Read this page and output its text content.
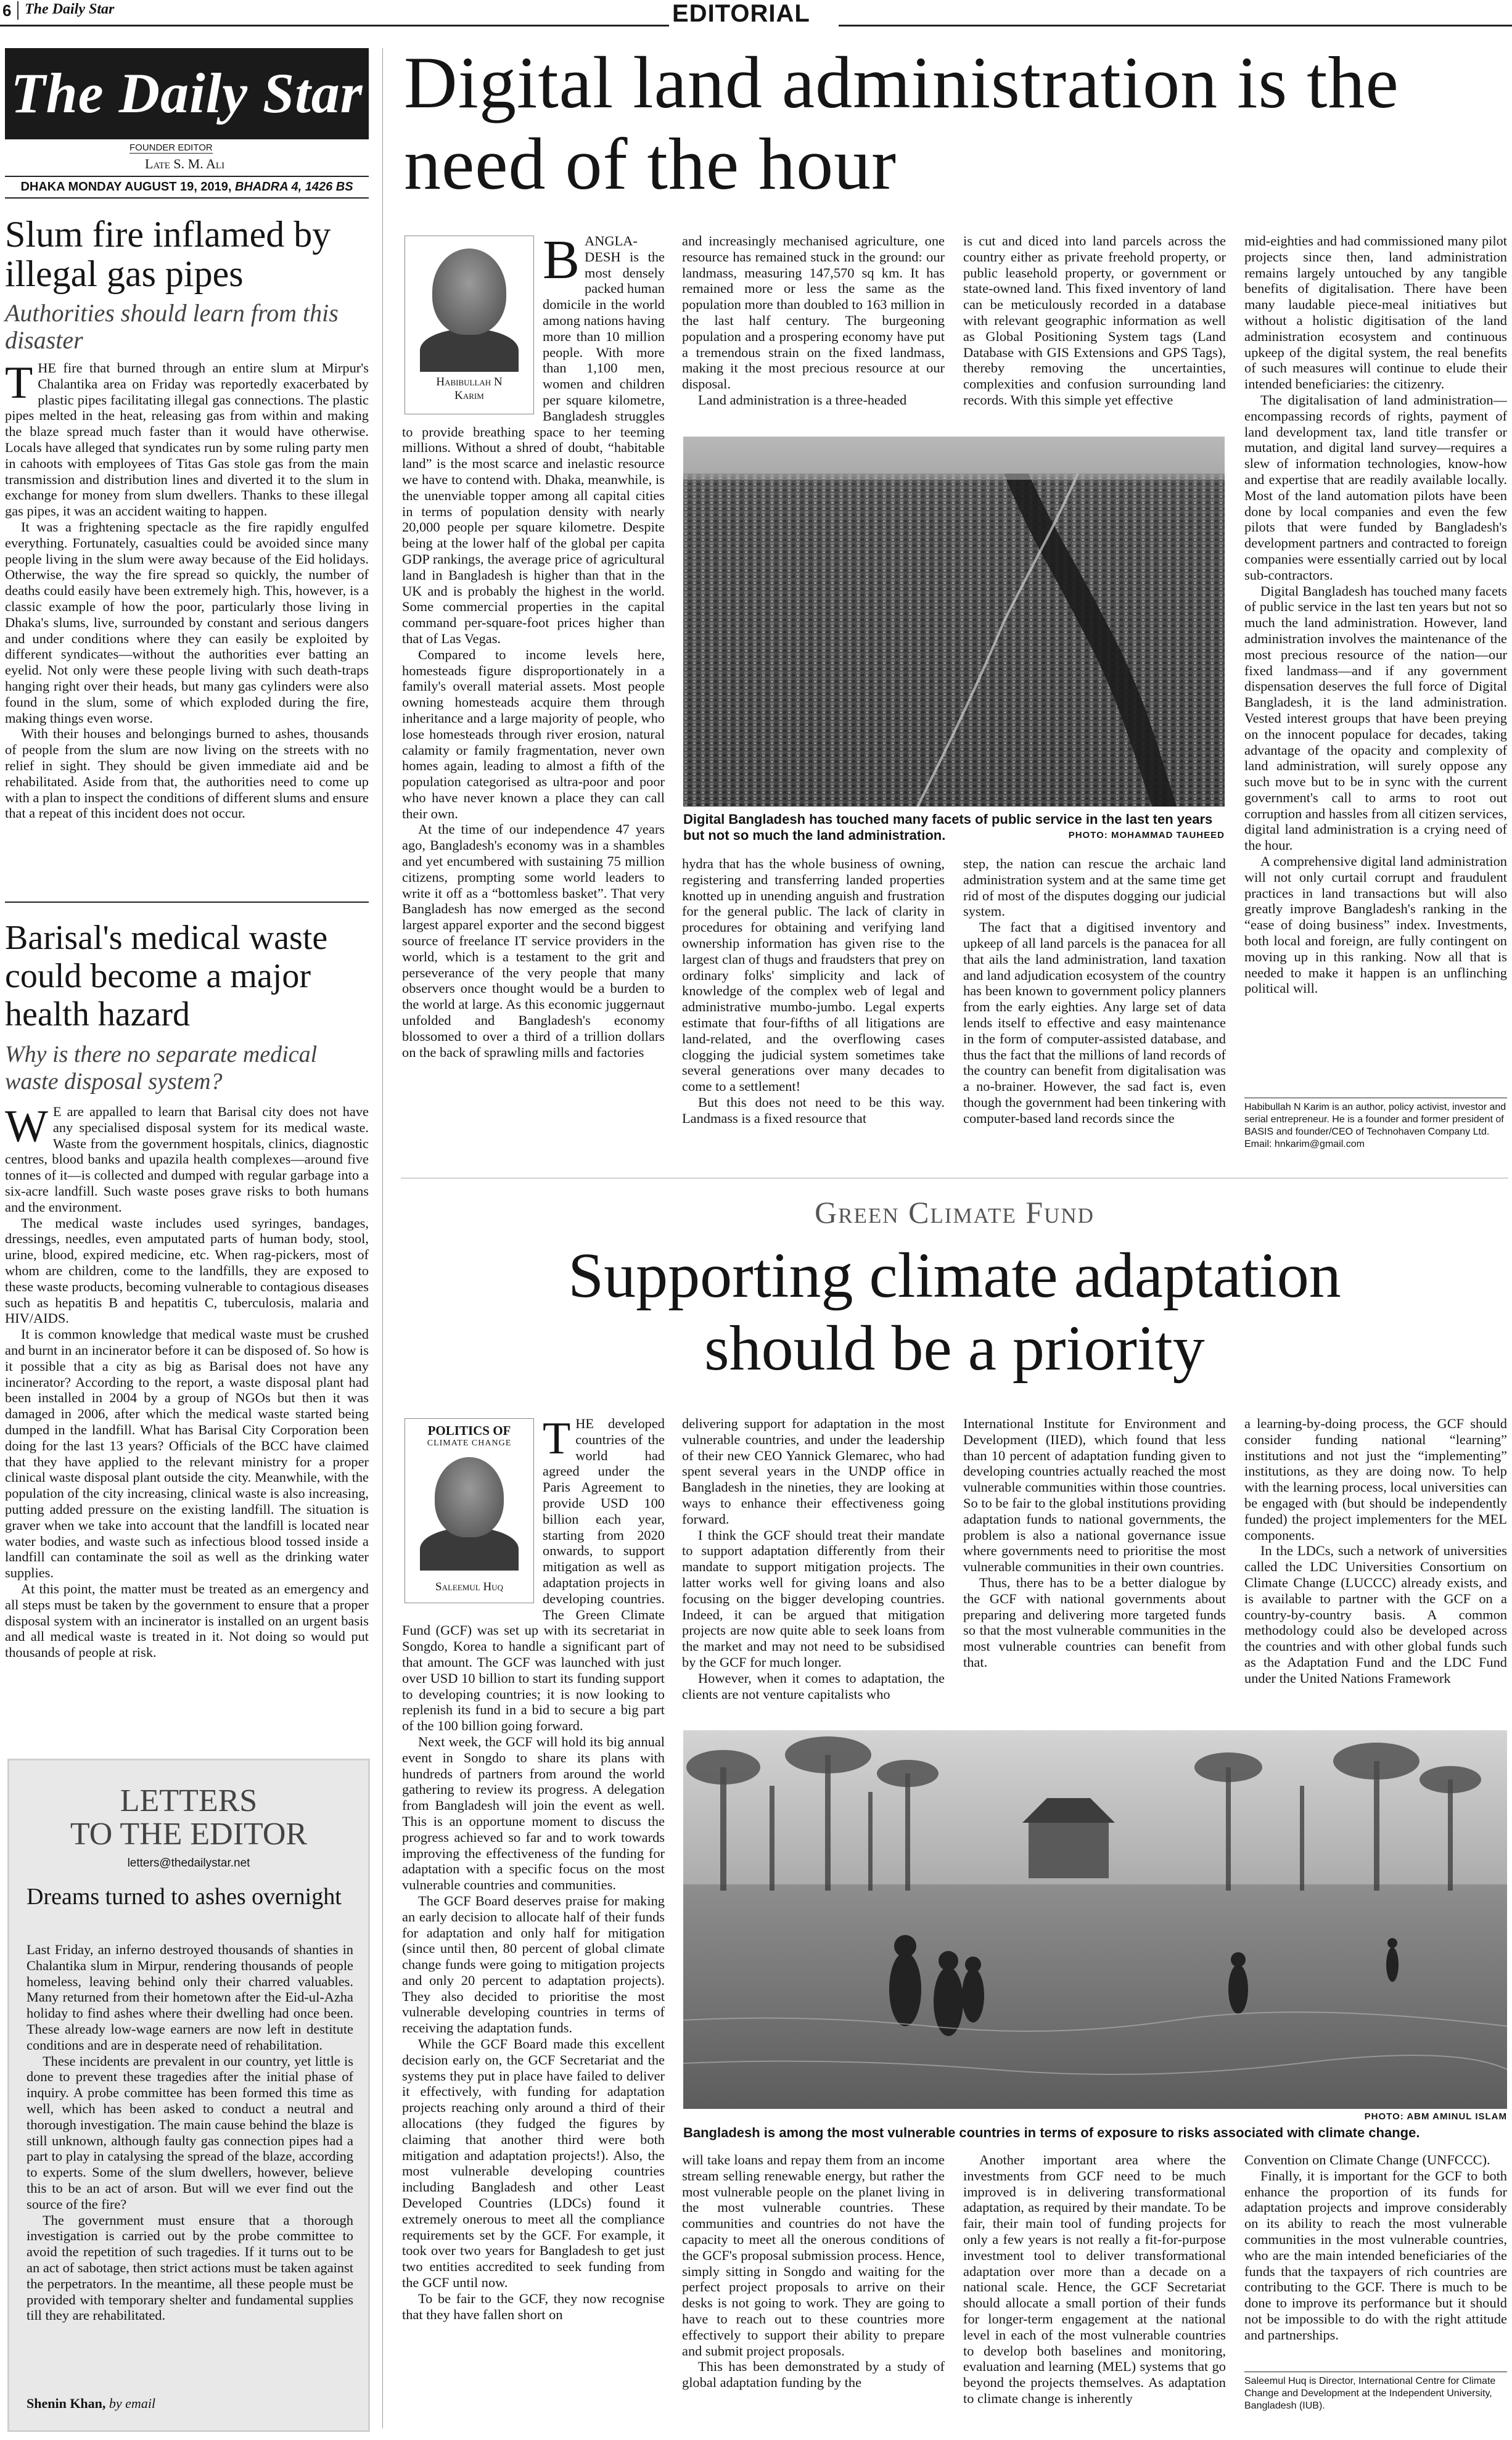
6 The Daily Star	EDITORIAL
The Daily Star
FOUNDER EDITOR
Late S. M. Ali
DHAKA MONDAY AUGUST 19, 2019, BHADRA 4, 1426 BS
Slum fire inflamed by illegal gas pipes
Authorities should learn from this disaster
T HE fire that burned through an entire slum at Mirpur's Chalantika area on Friday was reportedly exacerbated by plastic pipes facilitating illegal gas connections. The plastic pipes melted in the heat, releasing gas from within and making the blaze spread much faster than it would have otherwise. Locals have alleged that syndicates run by some ruling party men in cahoots with employees of Titas Gas stole gas from the main transmission and distribution lines and diverted it to the slum in exchange for money from slum dwellers. Thanks to these illegal gas pipes, it was an accident waiting to happen.

It was a frightening spectacle as the fire rapidly engulfed everything. Fortunately, casualties could be avoided since many people living in the slum were away because of the Eid holidays. Otherwise, the way the fire spread so quickly, the number of deaths could easily have been extremely high. This, however, is a classic example of how the poor, particularly those living in Dhaka's slums, live, surrounded by constant and serious dangers and under conditions where they can easily be exploited by different syndicates—without the authorities ever batting an eyelid. Not only were these people living with such death-traps hanging right over their heads, but many gas cylinders were also found in the slum, some of which exploded during the fire, making things even worse.

With their houses and belongings burned to ashes, thousands of people from the slum are now living on the streets with no relief in sight. They should be given immediate aid and be rehabilitated. Aside from that, the authorities need to come up with a plan to inspect the conditions of different slums and ensure that a repeat of this incident does not occur.

Barisal's medical waste could become a major health hazard
Why is there no separate medical waste disposal system?
W E are appalled to learn that Barisal city does not have any specialised disposal system for its medical waste. Waste from the government hospitals, clinics, diagnostic centres, blood banks and upazila health complexes—around five tonnes of it—is collected and dumped with regular garbage into a six-acre landfill. Such waste poses grave risks to both humans and the environment.

The medical waste includes used syringes, bandages, dressings, needles, even amputated parts of human body, stool, urine, blood, expired medicine, etc. When rag-pickers, most of whom are children, come to the landfills, they are exposed to these waste products, becoming vulnerable to contagious diseases such as hepatitis B and hepatitis C, tuberculosis, malaria and HIV/AIDS.

It is common knowledge that medical waste must be crushed and burnt in an incinerator before it can be disposed of. So how is it possible that a city as big as Barisal does not have any incinerator? According to the report, a waste disposal plant had been installed in 2004 by a group of NGOs but then it was damaged in 2006, after which the medical waste started being dumped in the landfill. What has Barisal City Corporation been doing for the last 13 years? Officials of the BCC have claimed that they have applied to the relevant ministry for a proper clinical waste disposal plant outside the city. Meanwhile, with the population of the city increasing, clinical waste is also increasing, putting added pressure on the existing landfill. The situation is graver when we take into account that the landfill is located near water bodies, and waste such as infectious blood tossed inside a landfill can contaminate the soil as well as the drinking water supplies.

At this point, the matter must be treated as an emergency and all steps must be taken by the government to ensure that a proper disposal system with an incinerator is installed on an urgent basis and all medical waste is treated in it. Not doing so would put thousands of people at risk.

LETTERS
TO THE EDITOR
letters@thedailystar.net
Dreams turned to ashes overnight

Last Friday, an inferno destroyed thousands of shanties in Chalantika slum in Mirpur, rendering thousands of people homeless, leaving behind only their charred valuables. Many returned from their hometown after the Eid-ul-Azha holiday to find ashes where their dwelling had once been. These already low-wage earners are now left in destitute conditions and are in desperate need of rehabilitation.

These incidents are prevalent in our country, yet little is done to prevent these tragedies after the initial phase of inquiry. A probe committee has been formed this time as well, which has been asked to conduct a neutral and thorough investigation. The main cause behind the blaze is still unknown, although faulty gas connection pipes had a part to play in catalysing the spread of the blaze, according to experts. Some of the slum dwellers, however, believe this to be an act of arson. But will we ever find out the source of the fire?

The government must ensure that a thorough investigation is carried out by the probe committee to avoid the repetition of such tragedies. If it turns out to be an act of sabotage, then strict actions must be taken against the perpetrators. In the meantime, all these people must be provided with temporary shelter and fundamental supplies till they are rehabilitated.

Shenin Khan, by email
Digital land administration is the need of the hour
Habibullah N
Karim
B ANGLA-DESH is the most densely packed human domicile in the world among nations having more than 10 million people. With more than 1,100 men, women and children per square kilometre, Bangladesh struggles to provide breathing space to her teeming millions. Without a shred of doubt, “habitable land” is the most scarce and inelastic resource we have to contend with. Dhaka, meanwhile, is the unenviable topper among all capital cities in terms of population density with nearly 20,000 people per square kilometre. Despite being at the lower half of the global per capita GDP rankings, the average price of agricultural land in Bangladesh is higher than that in the UK and is probably the highest in the world. Some commercial properties in the capital command per-square-foot prices higher than that of Las Vegas.

Compared to income levels here, homesteads figure disproportionately in a family's overall material assets. Most people owning homesteads acquire them through inheritance and a large majority of people, who lose homesteads through river erosion, natural calamity or family fragmentation, never own homes again, leading to almost a fifth of the population categorised as ultra-poor and poor who have never known a place they can call their own.

At the time of our independence 47 years ago, Bangladesh's economy was in a shambles and yet encumbered with sustaining 75 million citizens, prompting some world leaders to write it off as a “bottomless basket”. That very Bangladesh has now emerged as the second largest apparel exporter and the second biggest source of freelance IT service providers in the world, which is a testament to the grit and perseverance of the very people that many observers once thought would be a burden to the world at large. As this economic juggernaut unfolded and Bangladesh's economy blossomed to over a third of a trillion dollars on the back of sprawling mills and factories

and increasingly mechanised agriculture, one resource has remained stuck in the ground: our landmass, measuring 147,570 sq km. It has remained more or less the same as the population more than doubled to 163 million in the last half century. The burgeoning population and a prospering economy have put a tremendous strain on the fixed landmass, making it the most precious resource at our disposal.

Land administration is a three-headed

is cut and diced into land parcels across the country either as private freehold property, or public leasehold property, or government or state-owned land. This fixed inventory of land can be meticulously recorded in a database with relevant geographic information as well as Global Positioning System tags (Land Database with GIS Extensions and GPS Tags), thereby removing the uncertainties, complexities and confusion surrounding land records. With this simple yet effective

Digital Bangladesh has touched many facets of public service in the last ten years but not so much the land administration.	PHOTO: MOHAMMAD TAUHEED

hydra that has the whole business of owning, registering and transferring landed properties knotted up in unending anguish and frustration for the general public. The lack of clarity in procedures for obtaining and verifying land ownership information has given rise to the largest clan of thugs and fraudsters that prey on ordinary folks' simplicity and lack of knowledge of the complex web of legal and administrative mumbo-jumbo. Legal experts estimate that four-fifths of all litigations are land-related, and the overflowing cases clogging the judicial system sometimes take several generations over many decades to come to a settlement!

But this does not need to be this way. Landmass is a fixed resource that

step, the nation can rescue the archaic land administration system and at the same time get rid of most of the disputes dogging our judicial system.

The fact that a digitised inventory and upkeep of all land parcels is the panacea for all that ails the land administration, land taxation and land adjudication ecosystem of the country has been known to government policy planners from the early eighties. Any large set of data lends itself to effective and easy maintenance in the form of computer-assisted database, and thus the fact that the millions of land records of the country can benefit from digitalisation was a no-brainer. However, the sad fact is, even though the government had been tinkering with computer-based land records since the

mid-eighties and had commissioned many pilot projects since then, land administration remains largely untouched by any tangible benefits of digitalisation. There have been many laudable piece-meal initiatives but without a holistic digitisation of the land administration ecosystem and continuous upkeep of the digital system, the real benefits of such measures will continue to elude their intended beneficiaries: the citizenry.

The digitalisation of land administration—encompassing records of rights, payment of land development tax, land title transfer or mutation, and digital land survey—requires a slew of information technologies, know-how and expertise that are readily available locally. Most of the land automation pilots have been done by local companies and even the few pilots that were funded by Bangladesh's development partners and contracted to foreign companies were essentially carried out by local sub-contractors.

Digital Bangladesh has touched many facets of public service in the last ten years but not so much the land administration. However, land administration involves the maintenance of the most precious resource of the nation—our fixed landmass—and if any government dispensation deserves the full force of Digital Bangladesh, it is the land administration. Vested interest groups that have been preying on the innocent populace for decades, taking advantage of the opacity and complexity of land administration, will surely oppose any such move but to be in sync with the current government's call to arms to root out corruption and hassles from all citizen services, digital land administration is a crying need of the hour.

A comprehensive digital land administration will not only curtail corrupt and fraudulent practices in land transactions but will also greatly improve Bangladesh's ranking in the “ease of doing business” index. Investments, both local and foreign, are fully contingent on moving up in this ranking. Now all that is needed to make it happen is an unflinching political will.

Habibullah N Karim is an author, policy activist, investor and serial entrepreneur. He is a founder and former president of BASIS and founder/CEO of Technohaven Company Ltd. Email: hnkarim@gmail.com
Green Climate Fund
Supporting climate adaptation
should be a priority
POLITICS OF
CLIMATE CHANGE
Saleemul Huq
T HE developed countries of the world had agreed under the Paris Agreement to provide USD 100 billion each year, starting from 2020 onwards, to support mitigation as well as adaptation projects in developing countries. The Green Climate Fund (GCF) was set up with its secretariat in Songdo, Korea to handle a significant part of that amount. The GCF was launched with just over USD 10 billion to start its funding support to developing countries; it is now looking to replenish its fund in a bid to secure a big part of the 100 billion going forward.

Next week, the GCF will hold its big annual event in Songdo to share its plans with hundreds of partners from around the world gathering to review its progress. A delegation from Bangladesh will join the event as well. This is an opportune moment to discuss the progress achieved so far and to work towards improving the effectiveness of the funding for adaptation with a specific focus on the most vulnerable countries and communities.

The GCF Board deserves praise for making an early decision to allocate half of their funds for adaptation and only half for mitigation (since until then, 80 percent of global climate change funds were going to mitigation projects and only 20 percent to adaptation projects). They also decided to prioritise the most vulnerable developing countries in terms of receiving the adaptation funds.

While the GCF Board made this excellent decision early on, the GCF Secretariat and the systems they put in place have failed to deliver it effectively, with funding for adaptation projects reaching only around a third of their allocations (they fudged the figures by claiming that another third were both mitigation and adaptation projects!). Also, the most vulnerable developing countries including Bangladesh and other Least Developed Countries (LDCs) found it extremely onerous to meet all the compliance requirements set by the GCF. For example, it took over two years for Bangladesh to get just two entities accredited to seek funding from the GCF until now.

To be fair to the GCF, they now recognise that they have fallen short on

delivering support for adaptation in the most vulnerable countries, and under the leadership of their new CEO Yannick Glemarec, who had spent several years in the UNDP office in Bangladesh in the nineties, they are looking at ways to enhance their effectiveness going forward.

I think the GCF should treat their mandate to support adaptation differently from their mandate to support mitigation projects. The latter works well for giving loans and also focusing on the bigger developing countries. Indeed, it can be argued that mitigation projects are now quite able to seek loans from the market and may not need to be subsidised by the GCF for much longer.

However, when it comes to adaptation, the clients are not venture capitalists who

International Institute for Environment and Development (IIED), which found that less than 10 percent of adaptation funding given to developing countries actually reached the most vulnerable communities within those countries. So to be fair to the global institutions providing adaptation funds to national governments, the problem is also a national governance issue where governments need to prioritise the most vulnerable communities in their own countries.

Thus, there has to be a better dialogue by the GCF with national governments about preparing and delivering more targeted funds so that the most vulnerable communities in the most vulnerable countries can benefit from that.

a learning-by-doing process, the GCF should consider funding national “learning” institutions and not just the “implementing” institutions, as they are doing now. To help with the learning process, local universities can be engaged with (but should be independently funded) the project implementers for the MEL components.

In the LDCs, such a network of universities called the LDC Universities Consortium on Climate Change (LUCCC) already exists, and is available to partner with the GCF on a country-by-country basis. A common methodology could also be developed across the countries and with other global funds such as the Adaptation Fund and the LDC Fund under the United Nations Framework

PHOTO: ABM AMINUL ISLAM
Bangladesh is among the most vulnerable countries in terms of exposure to risks associated with climate change.

will take loans and repay them from an income stream selling renewable energy, but rather the most vulnerable people on the planet living in the most vulnerable countries. These communities and countries do not have the capacity to meet all the onerous conditions of the GCF's proposal submission process. Hence, simply sitting in Songdo and waiting for the perfect project proposals to arrive on their desks is not going to work. They are going to have to reach out to these countries more effectively to support their ability to prepare and submit project proposals.

This has been demonstrated by a study of global adaptation funding by the

Another important area where the investments from GCF need to be much improved is in delivering transformational adaptation, as required by their mandate. To be fair, their main tool of funding projects for only a few years is not really a fit-for-purpose investment tool to deliver transformational adaptation over more than a decade on a national scale. Hence, the GCF Secretariat should allocate a small portion of their funds for longer-term engagement at the national level in each of the most vulnerable countries to develop both baselines and monitoring, evaluation and learning (MEL) systems that go beyond the projects themselves. As adaptation to climate change is inherently

Convention on Climate Change (UNFCCC).

Finally, it is important for the GCF to both enhance the proportion of its funds for adaptation projects and improve considerably on its ability to reach the most vulnerable communities in the most vulnerable countries, who are the main intended beneficiaries of the funds that the taxpayers of rich countries are contributing to the GCF. There is much to be done to improve its performance but it should not be impossible to do with the right attitude and partnerships.

Saleemul Huq is Director, International Centre for Climate Change and Development at the Independent University, Bangladesh (IUB).
